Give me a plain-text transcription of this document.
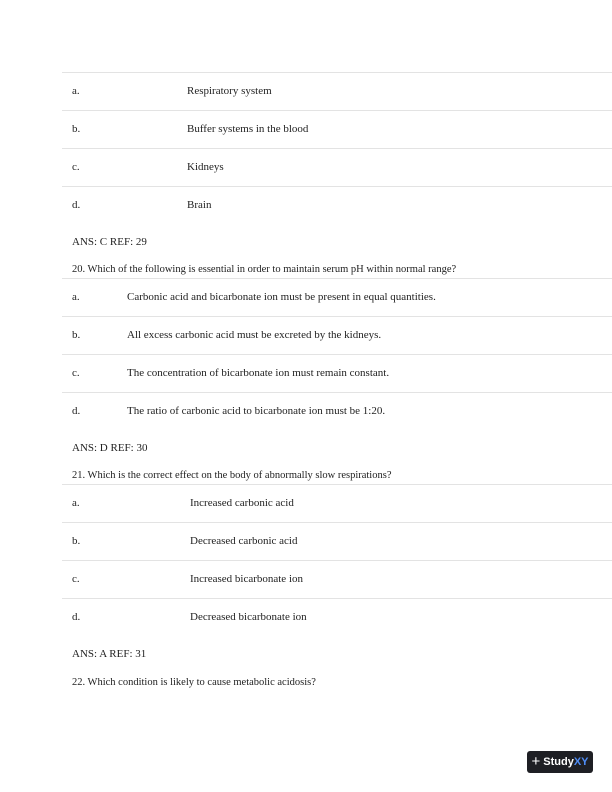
a.	Respiratory system
b.	Buffer systems in the blood
c.	Kidneys
d.	Brain
ANS: C REF: 29
20. Which of the following is essential in order to maintain serum pH within normal range?
a.	Carbonic acid and bicarbonate ion must be present in equal quantities.
b.	All excess carbonic acid must be excreted by the kidneys.
c.	The concentration of bicarbonate ion must remain constant.
d.	The ratio of carbonic acid to bicarbonate ion must be 1:20.
ANS: D REF: 30
21. Which is the correct effect on the body of abnormally slow respirations?
a.	Increased carbonic acid
b.	Decreased carbonic acid
c.	Increased bicarbonate ion
d.	Decreased bicarbonate ion
ANS: A REF: 31
22. Which condition is likely to cause metabolic acidosis?
+ StudyXY
